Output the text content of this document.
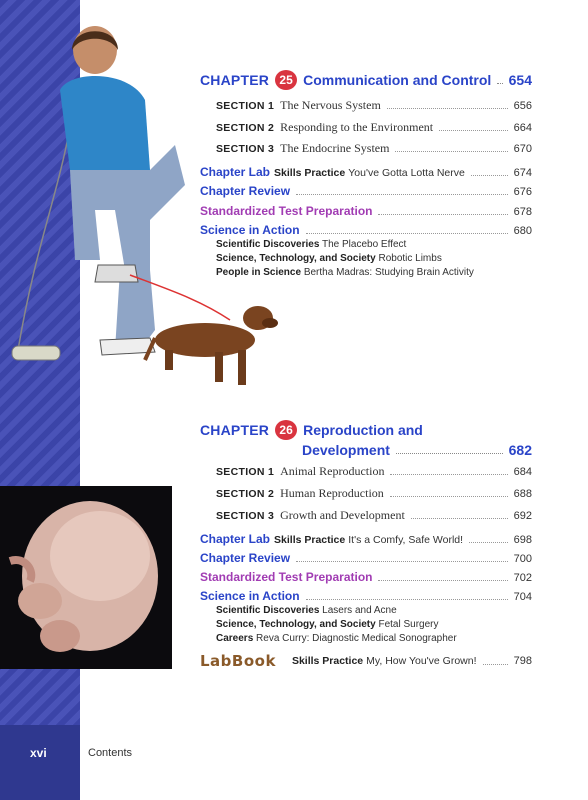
CHAPTER 25 Communication and Control 654
SECTION 1 The Nervous System	656
SECTION 2 Responding to the Environment	664
SECTION 3 The Endocrine System	670
Chapter Lab Skills Practice You've Gotta Lotta Nerve	674
Chapter Review	676
Standardized Test Preparation	678
Science in Action	680
Scientific Discoveries The Placebo Effect
Science, Technology, and Society Robotic Limbs
People in Science Bertha Madras: Studying Brain Activity
CHAPTER 26 Reproduction and
Development	682
SECTION 1 Animal Reproduction	684
SECTION 2 Human Reproduction	688
SECTION 3 Growth and Development	692
Chapter Lab Skills Practice It's a Comfy, Safe World!	698
Chapter Review	700
Standardized Test Preparation	702
Science in Action	704
Scientific Discoveries Lasers and Acne
Science, Technology, and Society Fetal Surgery
Careers Reva Curry: Diagnostic Medical Sonographer
LabBook Skills Practice My, How You've Grown!	798
xvi	Contents
